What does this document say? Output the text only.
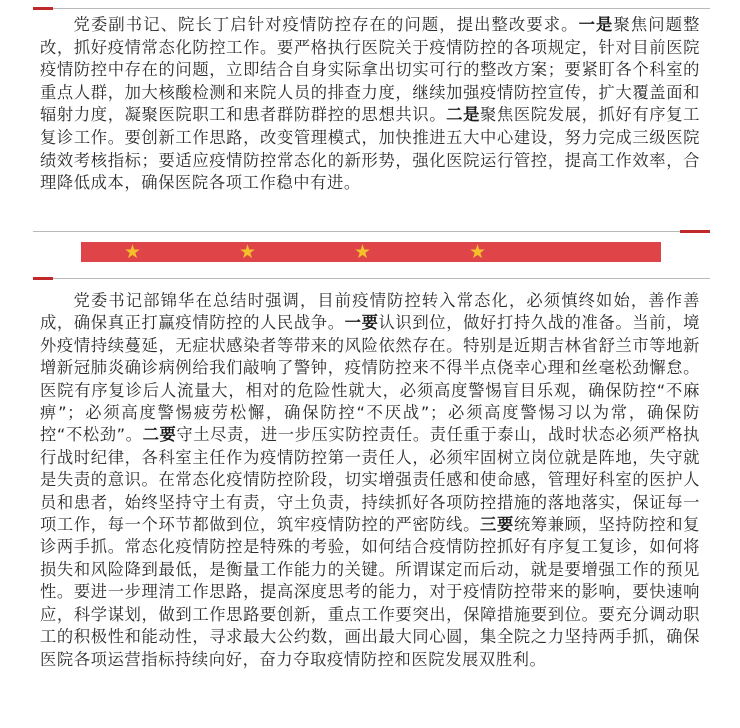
党委副书记、院长丁启针对疫情防控存在的问题，提出整改要求。一是聚焦问题整改，抓好疫情常态化防控工作。要严格执行医院关于疫情防控的各项规定，针对目前医院疫情防控中存在的问题，立即结合自身实际拿出切实可行的整改方案；要紧盯各个科室的重点人群，加大核酸检测和来院人员的排查力度，继续加强疫情防控宣传，扩大覆盖面和辐射力度，凝聚医院职工和患者群防群控的思想共识。二是聚焦医院发展，抓好有序复工复诊工作。要创新工作思路，改变管理模式，加快推进五大中心建设，努力完成三级医院绩效考核指标；要适应疫情防控常态化的新形势，强化医院运行管控，提高工作效率，合理降低成本，确保医院各项工作稳中有进。

★	★	★	★

党委书记部锦华在总结时强调，目前疫情防控转入常态化，必须慎终如始，善作善成，确保真正打赢疫情防控的人民战争。一要认识到位，做好打持久战的准备。当前，境外疫情持续蔓延，无症状感染者等带来的风险依然存在。特别是近期吉林省舒兰市等地新增新冠肺炎确诊病例给我们敲响了警钟，疫情防控来不得半点侥幸心理和丝毫松劲懈怠。医院有序复诊后人流量大，相对的危险性就大，必须高度警惕盲目乐观，确保防控“不麻痹”；必须高度警惕疲劳松懈，确保防控“不厌战”；必须高度警惕习以为常，确保防控“不松劲”。二要守土尽责，进一步压实防控责任。责任重于泰山，战时状态必须严格执行战时纪律，各科室主任作为疫情防控第一责任人，必须牢固树立岗位就是阵地，失守就是失责的意识。在常态化疫情防控阶段，切实增强责任感和使命感，管理好科室的医护人员和患者，始终坚持守土有责，守土负责，持续抓好各项防控措施的落地落实，保证每一项工作，每一个环节都做到位，筑牢疫情防控的严密防线。三要统筹兼顾，坚持防控和复诊两手抓。常态化疫情防控是特殊的考验，如何结合疫情防控抓好有序复工复诊，如何将损失和风险降到最低，是衡量工作能力的关键。所谓谋定而后动，就是要增强工作的预见性。要进一步理清工作思路，提高深度思考的能力，对于疫情防控带来的影响，要快速响应，科学谋划，做到工作思路要创新，重点工作要突出，保障措施要到位。要充分调动职工的积极性和能动性，寻求最大公约数，画出最大同心圆，集全院之力坚持两手抓，确保医院各项运营指标持续向好，奋力夺取疫情防控和医院发展双胜利。
